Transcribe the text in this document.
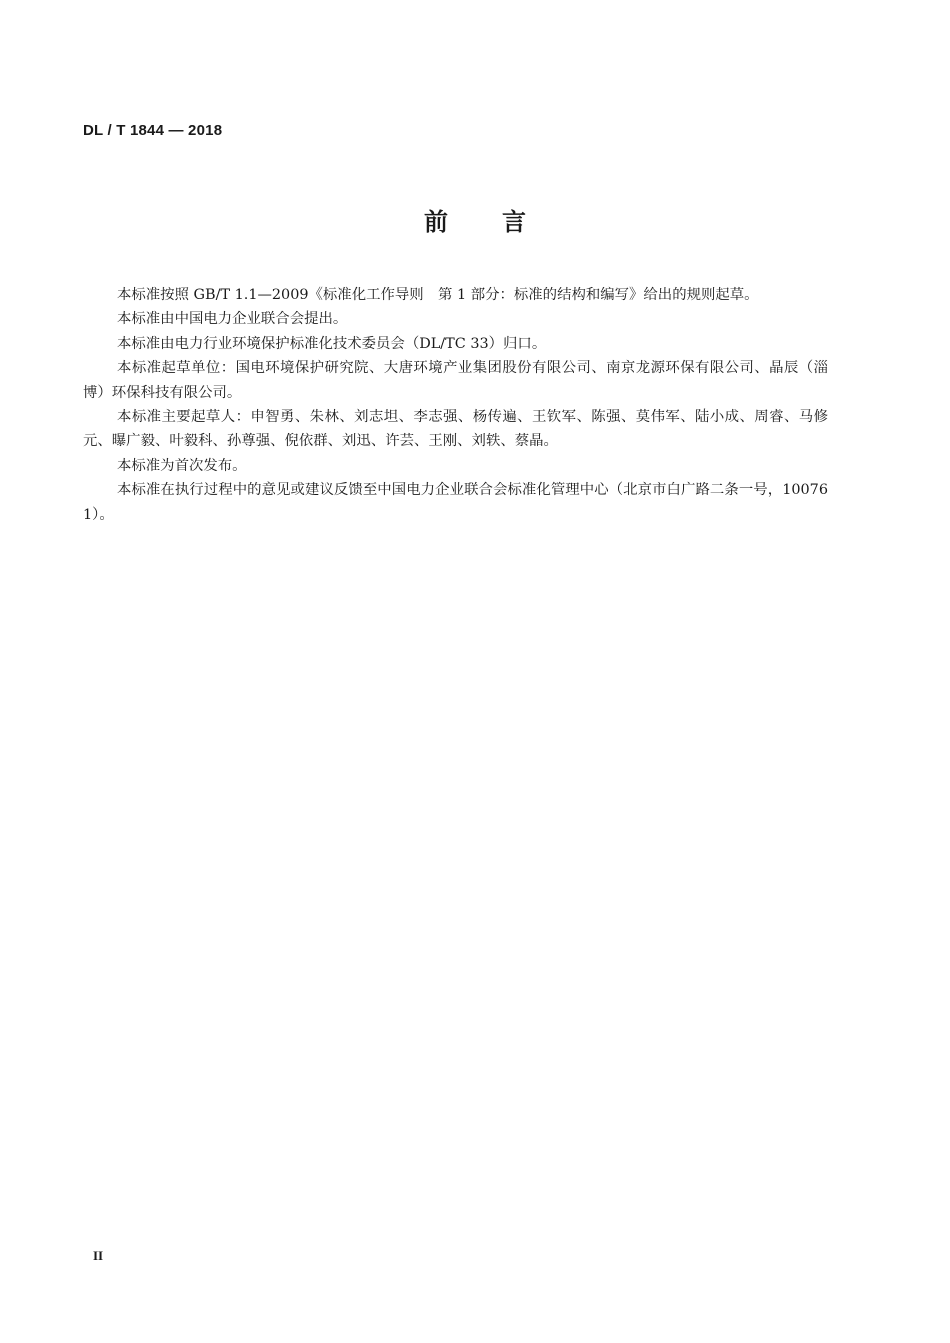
DL / T 1844 — 2018
前言

本标准按照 GB/T 1.1—2009《标准化工作导则　第 1 部分：标准的结构和编写》给出的规则起草。

本标准由中国电力企业联合会提出。

本标准由电力行业环境保护标准化技术委员会（DL/TC 33）归口。

本标准起草单位：国电环境保护研究院、大唐环境产业集团股份有限公司、南京龙源环保有限公司、晶辰（淄博）环保科技有限公司。

本标准主要起草人：申智勇、朱林、刘志坦、李志强、杨传遍、王钦军、陈强、莫伟军、陆小成、周睿、马修元、曝广毅、叶毅科、孙尊强、倪依群、刘迅、许芸、王刚、刘轶、蔡晶。

本标准为首次发布。

本标准在执行过程中的意见或建议反馈至中国电力企业联合会标准化管理中心（北京市白广路二条一号，100761）。

II
